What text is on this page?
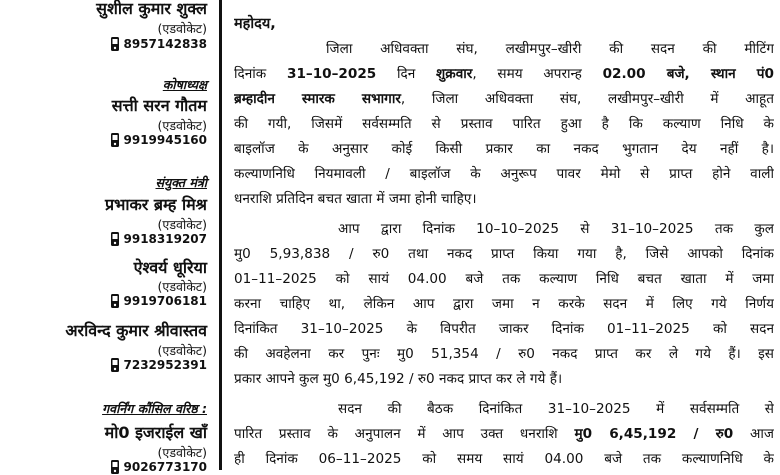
सुशील कुमार शुक्ल
(एडवोकेट)
8957142838
कोषाध्यक्ष
सत्ती सरन गौतम
(एडवोकेट)
9919945160
संयुक्त मंत्री
प्रभाकर ब्रम्ह मिश्र
(एडवोकेट)
9918319207
ऐश्वर्य धूरिया
(एडवोकेट)
9919706181
अरविन्द कुमार श्रीवास्तव
(एडवोकेट)
7232952391
गवर्निंग कौंसिल वरिष्ठ :
मो0 इजराईल खाँ
(एडवोकेट)
9026773170
महोदय,
जिला अधिवक्ता संघ, लखीमपुर–खीरी की सदन की मीटिंग
दिनांक 31–10–2025 दिन शुक्रवार, समय अपरान्ह 02.00 बजे, स्थान पं0
ब्रम्हादीन स्मारक सभागार, जिला अधिवक्ता संघ, लखीमपुर–खीरी में आहूत
की गयी, जिसमें सर्वसम्मति से प्रस्ताव पारित हुआ है कि कल्याण निधि के
बाइलॉज के अनुसार कोई किसी प्रकार का नकद भुगतान देय नहीं है।
कल्याणनिधि नियमावली / बाइलॉज के अनुरूप पावर मेमो से प्राप्त होने वाली
धनराशि प्रतिदिन बचत खाता में जमा होनी चाहिए।
आप द्वारा दिनांक 10–10–2025 से 31–10–2025 तक कुल
मु0 5,93,838 / रु0 तथा नकद प्राप्त किया गया है, जिसे आपको दिनांक
01–11–2025 को सायं 04.00 बजे तक कल्याण निधि बचत खाता में जमा
करना चाहिए था, लेकिन आप द्वारा जमा न करके सदन में लिए गये निर्णय
दिनांकित 31–10–2025 के विपरीत जाकर दिनांक 01–11–2025 को सदन
की अवहेलना कर पुनः मु0 51,354 / रु0 नकद प्राप्त कर ले गये हैं। इस
प्रकार आपने कुल मु0 6,45,192 / रु0 नकद प्राप्त कर ले गये हैं।
सदन की बैठक दिनांकित 31–10–2025 में सर्वसम्मति से
पारित प्रस्ताव के अनुपालन में आप उक्त धनराशि मु0 6,45,192 / रु0 आज
ही दिनांक 06–11–2025 को समय सायं 04.00 बजे तक कल्याणनिधि के
